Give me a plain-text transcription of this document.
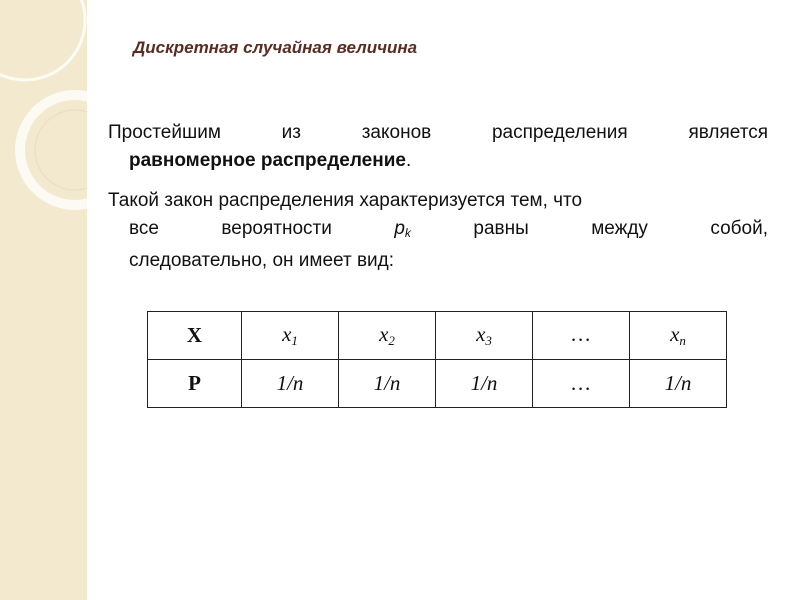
Дискретная случайная величина
Простейшим из законов распределения является
равномерное распределение.
Такой закон распределения характеризуется тем, что
все вероятности	$p_k$	равны между собой,
следовательно, он имеет вид:
X	$x_1$	$x_2$	$x_3$	…	$x_n$
P	1/n	1/n	1/n	…	1/n
